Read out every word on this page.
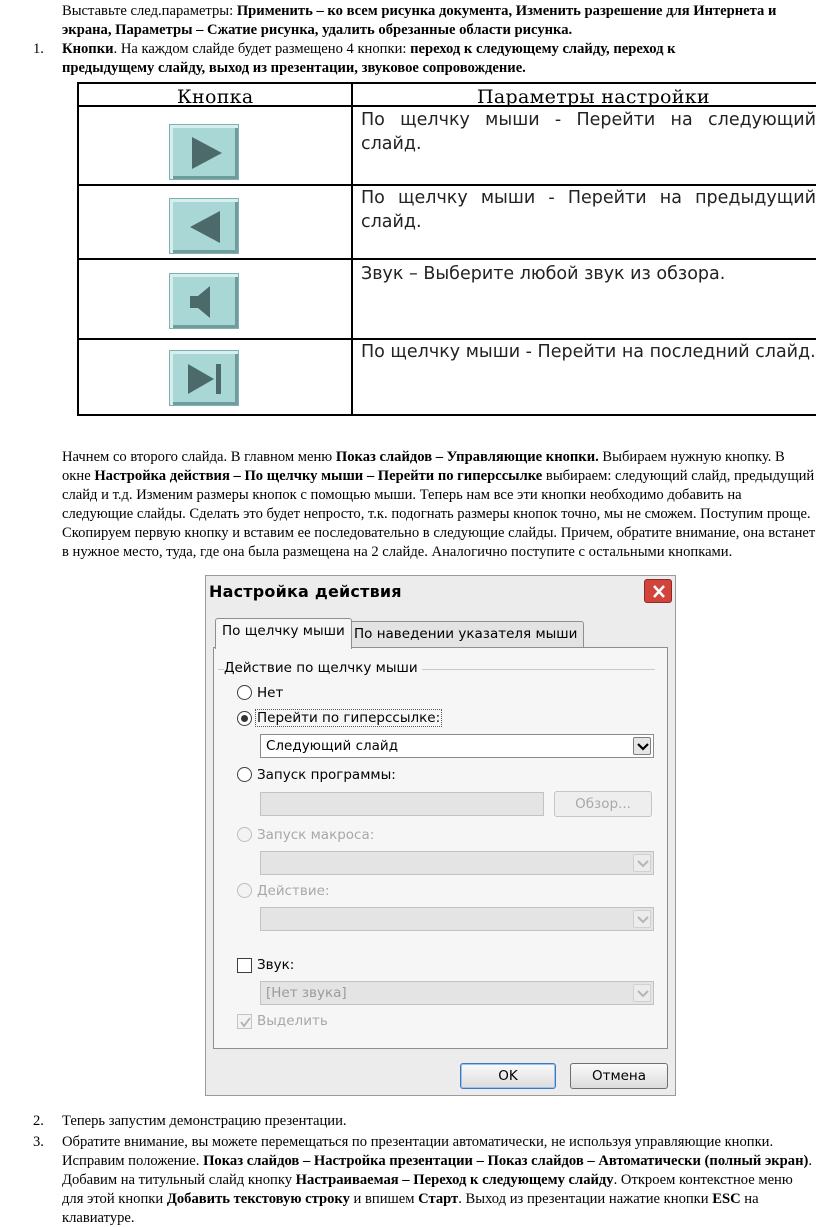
Выставьте след.параметры: Применить – ко всем рисунка документа, Изменить разрешение для Интернета и экрана, Параметры – Сжатие рисунка, удалить обрезанные области рисунка.
1.	Кнопки. На каждом слайде будет размещено 4 кнопки: переход к следующему слайду, переход к предыдущему слайду, выход из презентации, звуковое сопровождение.
Кнопка	Параметры настройки
По щелчку мыши - Перейти на следующий слайд.
По щелчку мыши - Перейти на предыдущий слайд.
Звук – Выберите любой звук из обзора.
По щелчку мыши - Перейти на последний слайд.
Начнем со второго слайда. В главном меню Показ слайдов – Управляющие кнопки. Выбираем нужную кнопку. В окне Настройка действия – По щелчку мыши – Перейти по гиперссылке выбираем: следующий слайд, предыдущий слайд и т.д. Изменим размеры кнопок с помощью мыши. Теперь нам все эти кнопки необходимо добавить на следующие слайды. Сделать это будет непросто, т.к. подогнать размеры кнопок точно, мы не сможем. Поступим проще. Скопируем первую кнопку и вставим ее последовательно в следующие слайды. Причем, обратите внимание, она встанет в нужное место, туда, где она была размещена на 2 слайде. Аналогично поступите с остальными кнопками.
Настройка действия
По щелчку мыши По наведении указателя мыши
Действие по щелчку мыши
Нет
Перейти по гиперссылке:
Следующий слайд
Запуск программы:
Обзор...
Запуск макроса:
Действие:
Звук:
[Нет звука]
Выделить
OK	Отмена
2.	Теперь запустим демонстрацию презентации.
3.	Обратите внимание, вы можете перемещаться по презентации автоматически, не используя управляющие кнопки. Исправим положение. Показ слайдов – Настройка презентации – Показ слайдов – Автоматически (полный экран). Добавим на титульный слайд кнопку Настраиваемая – Переход к следующему слайду. Откроем контекстное меню для этой кнопки Добавить текстовую строку и впишем Старт. Выход из презентации нажатие кнопки ESC на клавиатуре.
